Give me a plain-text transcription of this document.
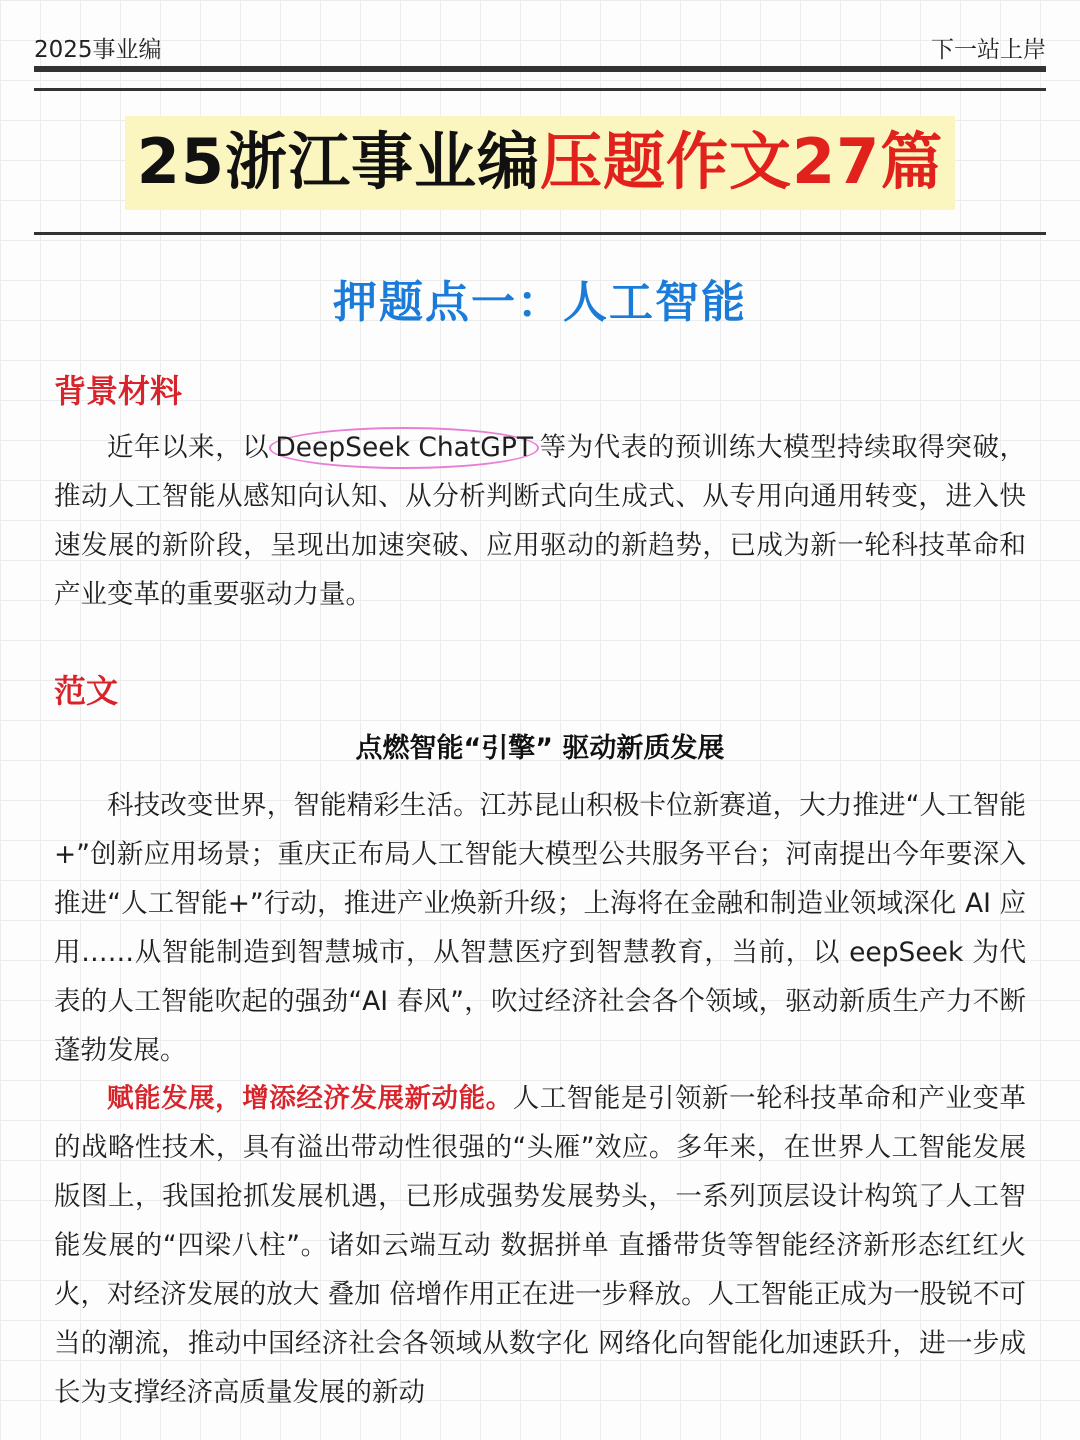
2025事业编	下一站上岸
25浙江事业编压题作文27篇
押题点一：人工智能
背景材料

近年以来，以 DeepSeek ChatGPT 等为代表的预训练大模型持续取得突破，推动人工智能从感知向认知、从分析判断式向生成式、从专用向通用转变，进入快速发展的新阶段，呈现出加速突破、应用驱动的新趋势，已成为新一轮科技革命和产业变革的重要驱动力量。

范文
点燃智能“引擎” 驱动新质发展

科技改变世界，智能精彩生活。江苏昆山积极卡位新赛道，大力推进“人工智能+”创新应用场景；重庆正布局人工智能大模型公共服务平台；河南提出今年要深入推进“人工智能+”行动，推进产业焕新升级；上海将在金融和制造业领域深化 AI 应用……从智能制造到智慧城市，从智慧医疗到智慧教育，当前，以 eepSeek 为代表的人工智能吹起的强劲“AI 春风”，吹过经济社会各个领域，驱动新质生产力不断蓬勃发展。

赋能发展，增添经济发展新动能。人工智能是引领新一轮科技革命和产业变革的战略性技术，具有溢出带动性很强的“头雁”效应。多年来，在世界人工智能发展版图上，我国抢抓发展机遇，已形成强势发展势头，一系列顶层设计构筑了人工智能发展的“四梁八柱”。诸如云端互动 数据拼单 直播带货等智能经济新形态红红火火，对经济发展的放大 叠加 倍增作用正在进一步释放。人工智能正成为一股锐不可当的潮流，推动中国经济社会各领域从数字化 网络化向智能化加速跃升，进一步成长为支撑经济高质量发展的新动
